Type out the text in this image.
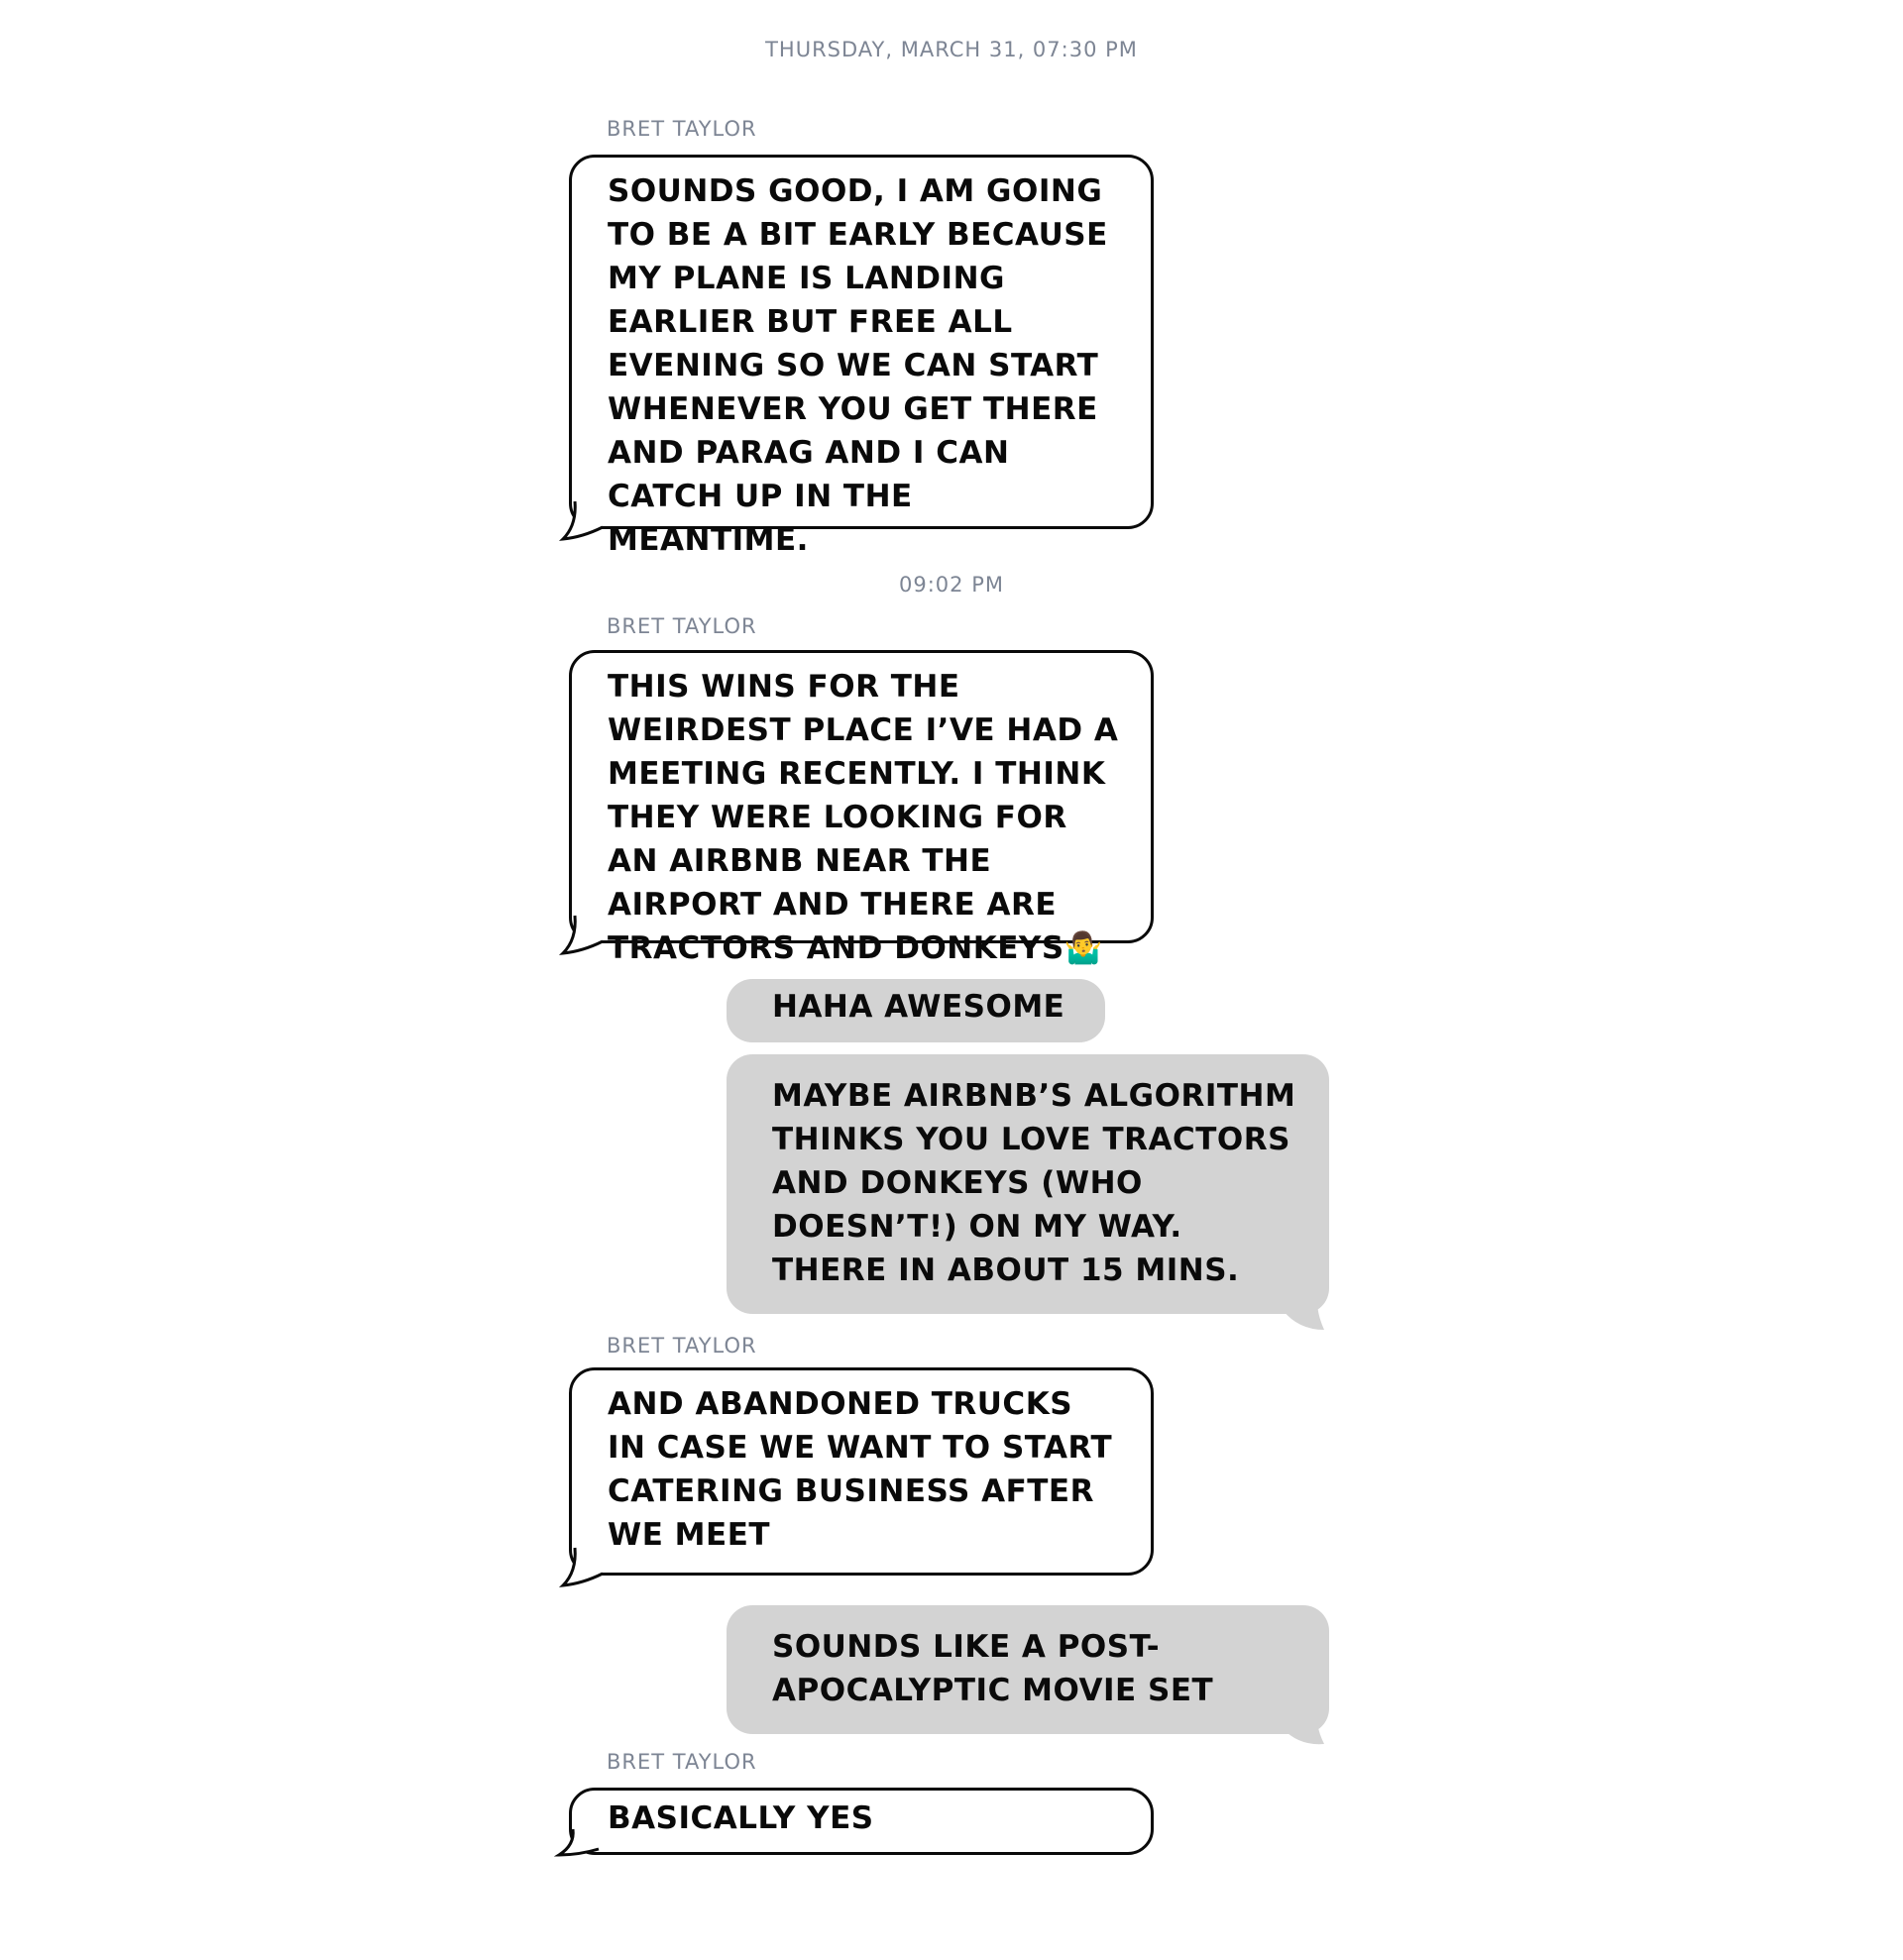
THURSDAY, MARCH 31, 07:30 PM
BRET TAYLOR
SOUNDS GOOD, I AM GOING TO BE A BIT EARLY BECAUSE MY PLANE IS LANDING EARLIER BUT FREE ALL EVENING SO WE CAN START WHENEVER YOU GET THERE AND PARAG AND I CAN CATCH UP IN THE MEANTIME.
09:02 PM
BRET TAYLOR
THIS WINS FOR THE WEIRDEST PLACE I’VE HAD A MEETING RECENTLY. I THINK THEY WERE LOOKING FOR AN AIRBNB NEAR THE AIRPORT AND THERE ARE TRACTORS AND DONKEYS🤷‍♂️
HAHA AWESOME
MAYBE AIRBNB’S ALGORITHM THINKS YOU LOVE TRACTORS AND DONKEYS (WHO DOESN’T!) ON MY WAY. THERE IN ABOUT 15 MINS.
BRET TAYLOR
AND ABANDONED TRUCKS IN CASE WE WANT TO START CATERING BUSINESS AFTER WE MEET
SOUNDS LIKE A POST-APOCALYPTIC MOVIE SET
BRET TAYLOR
BASICALLY YES
